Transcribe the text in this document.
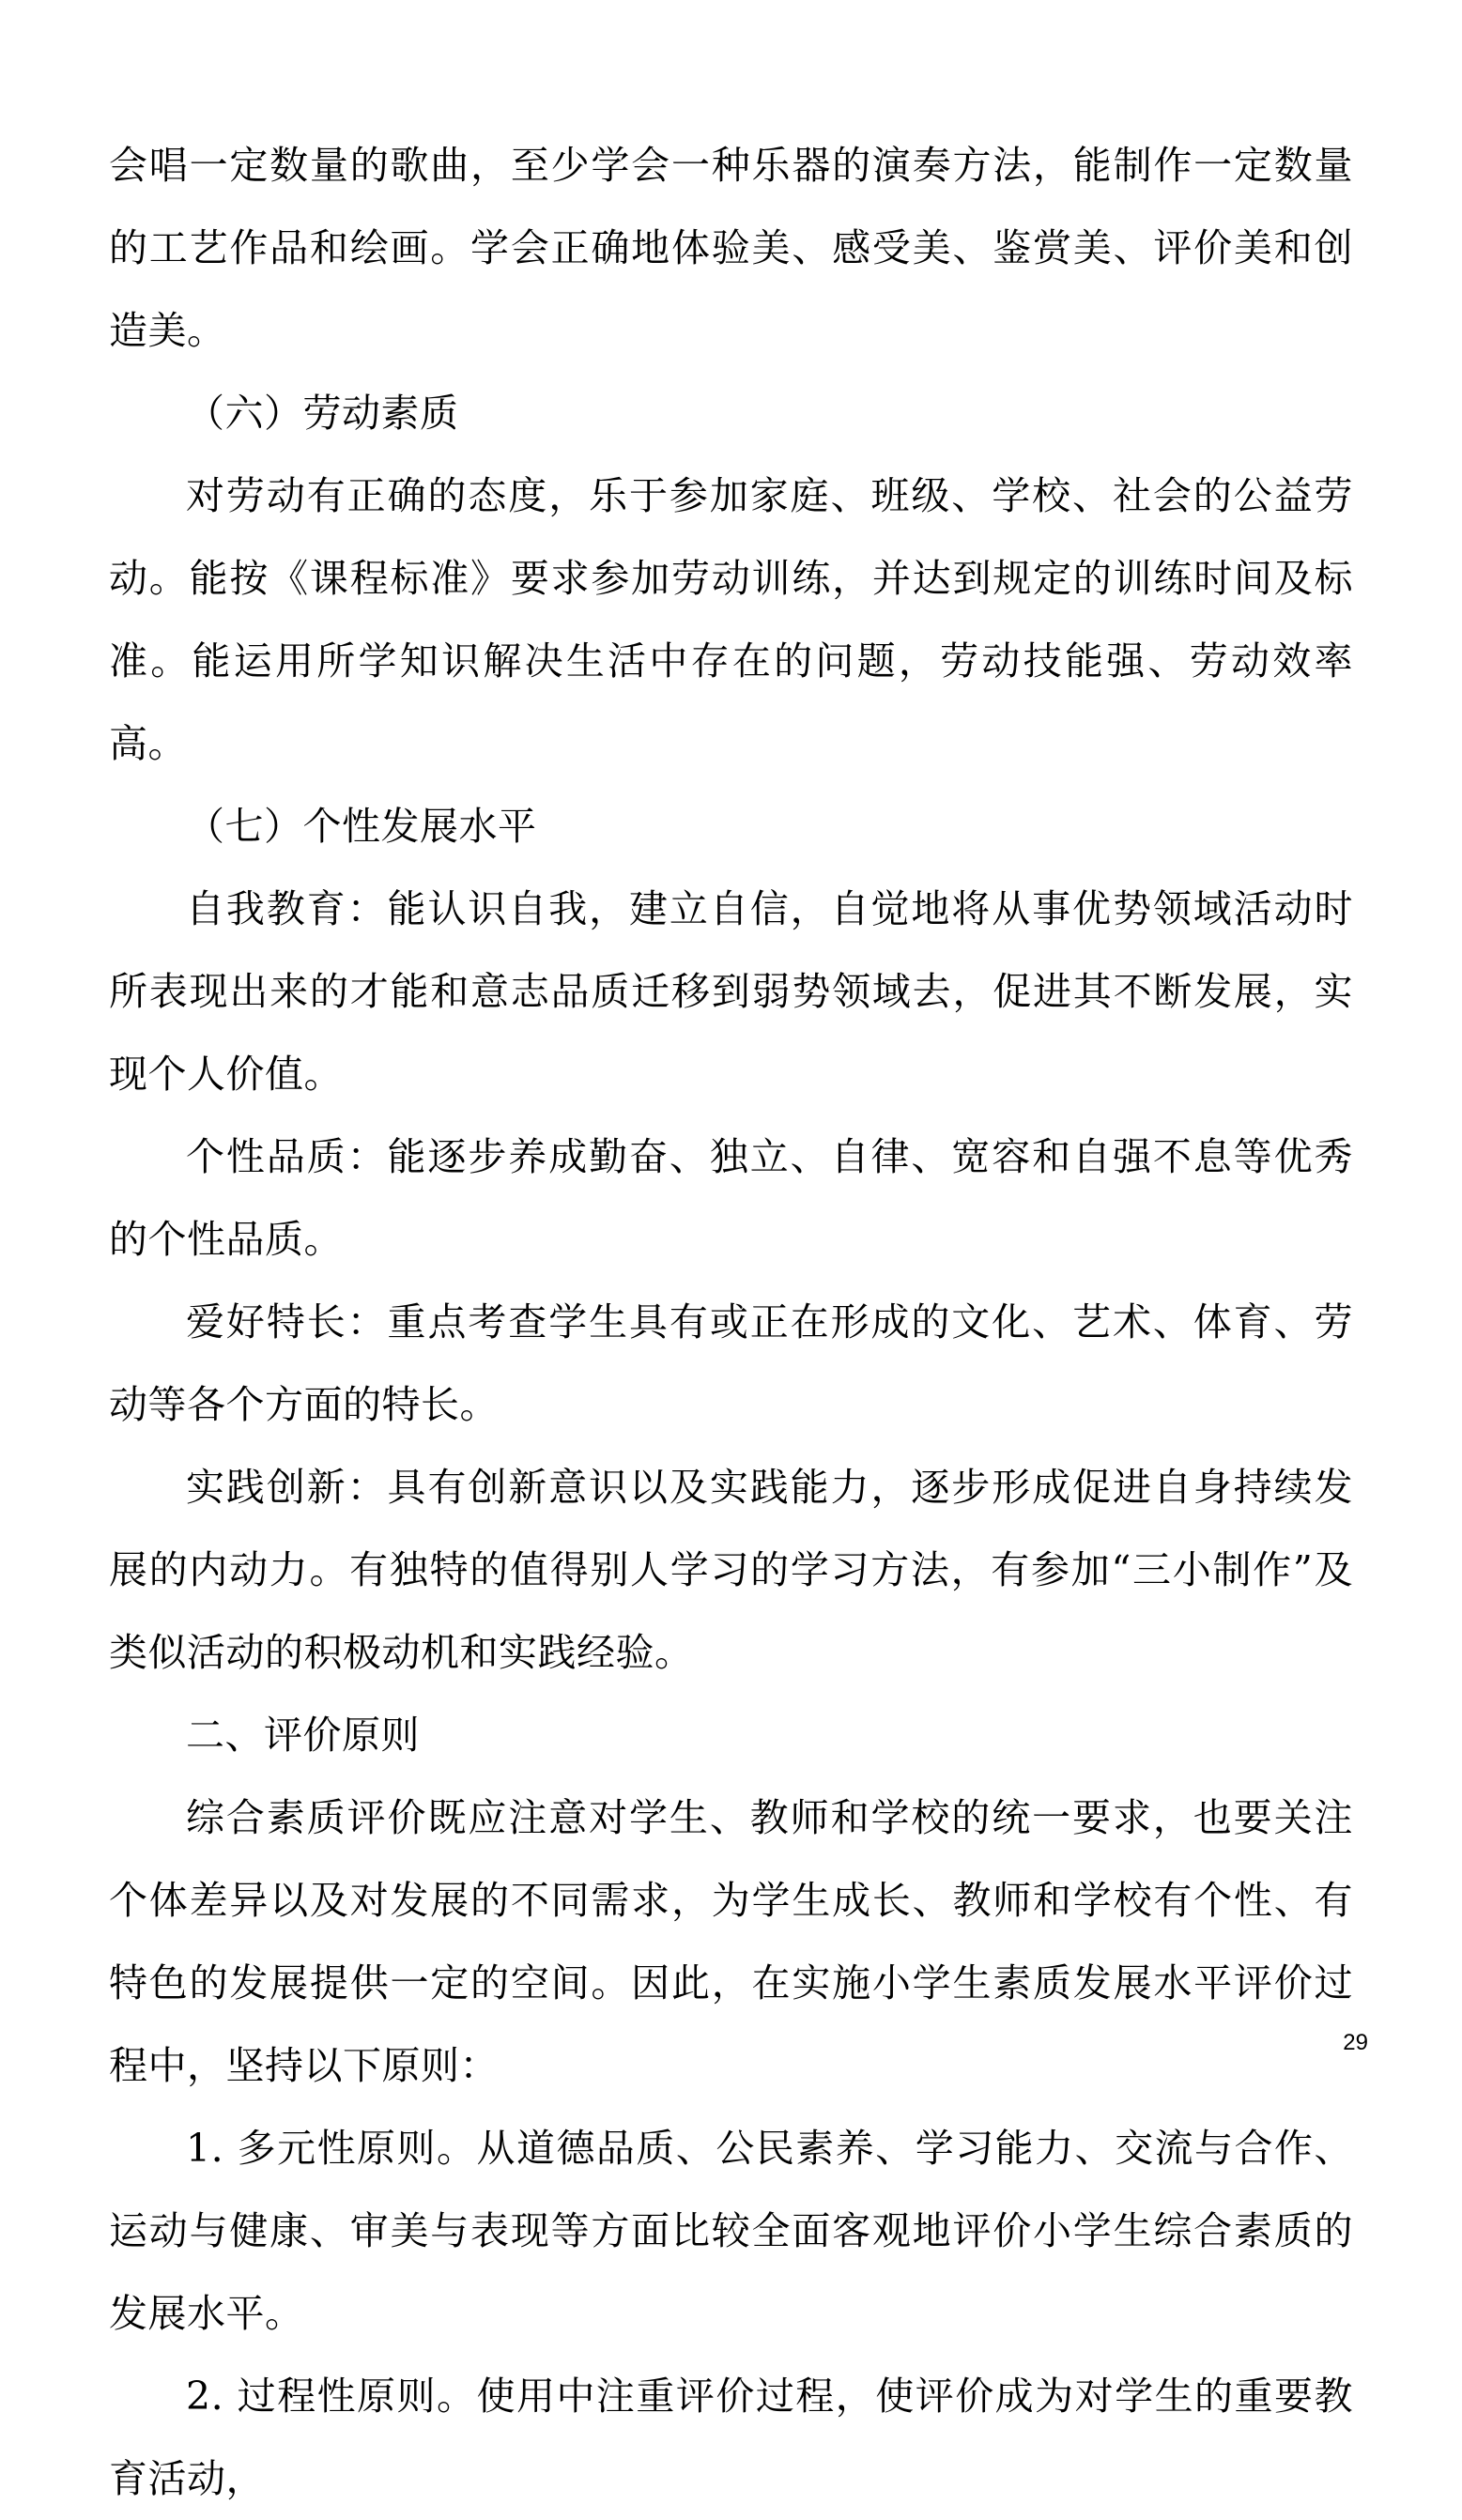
会唱一定数量的歌曲，至少学会一种乐器的演奏方法，能制作一定数量的工艺作品和绘画。学会正确地体验美、感受美、鉴赏美、评价美和创造美。

（六）劳动素质

对劳动有正确的态度，乐于参加家庭、班级、学校、社会的公益劳动。能按《课程标准》要求参加劳动训练，并达到规定的训练时间及标准。能运用所学知识解决生活中存在的问题，劳动技能强、劳动效率高。

（七）个性发展水平

自我教育：能认识自我，建立自信，自觉地将从事优势领域活动时所表现出来的才能和意志品质迁移到弱势领域去，促进其不断发展，实现个人价值。

个性品质：能逐步养成勤奋、独立、自律、宽容和自强不息等优秀的个性品质。

爱好特长：重点考查学生具有或正在形成的文化、艺术、体育、劳动等各个方面的特长。

实践创新：具有创新意识以及实践能力，逐步形成促进自身持续发展的内动力。有独特的值得别人学习的学习方法，有参加“三小制作”及类似活动的积极动机和实践经验。

二、评价原则

综合素质评价既应注意对学生、教师和学校的统一要求，也要关注个体差异以及对发展的不同需求，为学生成长、教师和学校有个性、有特色的发展提供一定的空间。因此，在实施小学生素质发展水平评价过程中，坚持以下原则：

1. 多元性原则。从道德品质、公民素养、学习能力、交流与合作、运动与健康、审美与表现等方面比较全面客观地评价小学生综合素质的发展水平。

2. 过程性原则。使用中注重评价过程，使评价成为对学生的重要教育活动，

29
